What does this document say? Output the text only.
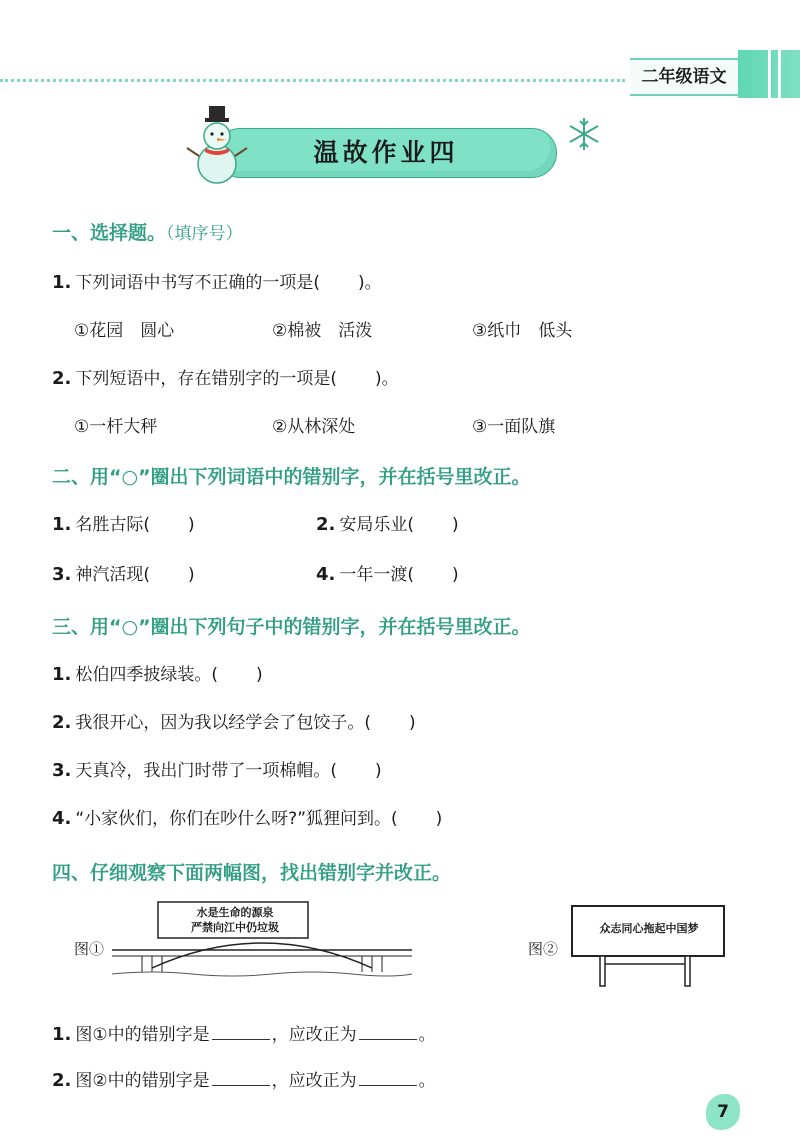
二年级语文
温故作业四
一、选择题。（填序号）
1. 下列词语中书写不正确的一项是( )。
①花园　圆心	②棉被　活泼	③纸巾　低头
2. 下列短语中，存在错别字的一项是( )。
①一杆大秤	②从林深处	③一面队旗
二、用“○”圈出下列词语中的错别字，并在括号里改正。
1. 名胜古际( )	2. 安局乐业( )
3. 神汽活现( )	4. 一年一渡( )
三、用“○”圈出下列句子中的错别字，并在括号里改正。
1. 松伯四季披绿装。( )
2. 我很开心，因为我以经学会了包饺子。( )
3. 天真冷，我出门时带了一项棉帽。( )
4. “小家伙们，你们在吵什么呀?”狐狸问到。( )
四、仔细观察下面两幅图，找出错别字并改正。
图①
水是生命的源泉
严禁向江中仍垃圾
图②
众志同心拖起中国梦
1. 图①中的错别字是	，应改正为	。
2. 图②中的错别字是	，应改正为	。
7
